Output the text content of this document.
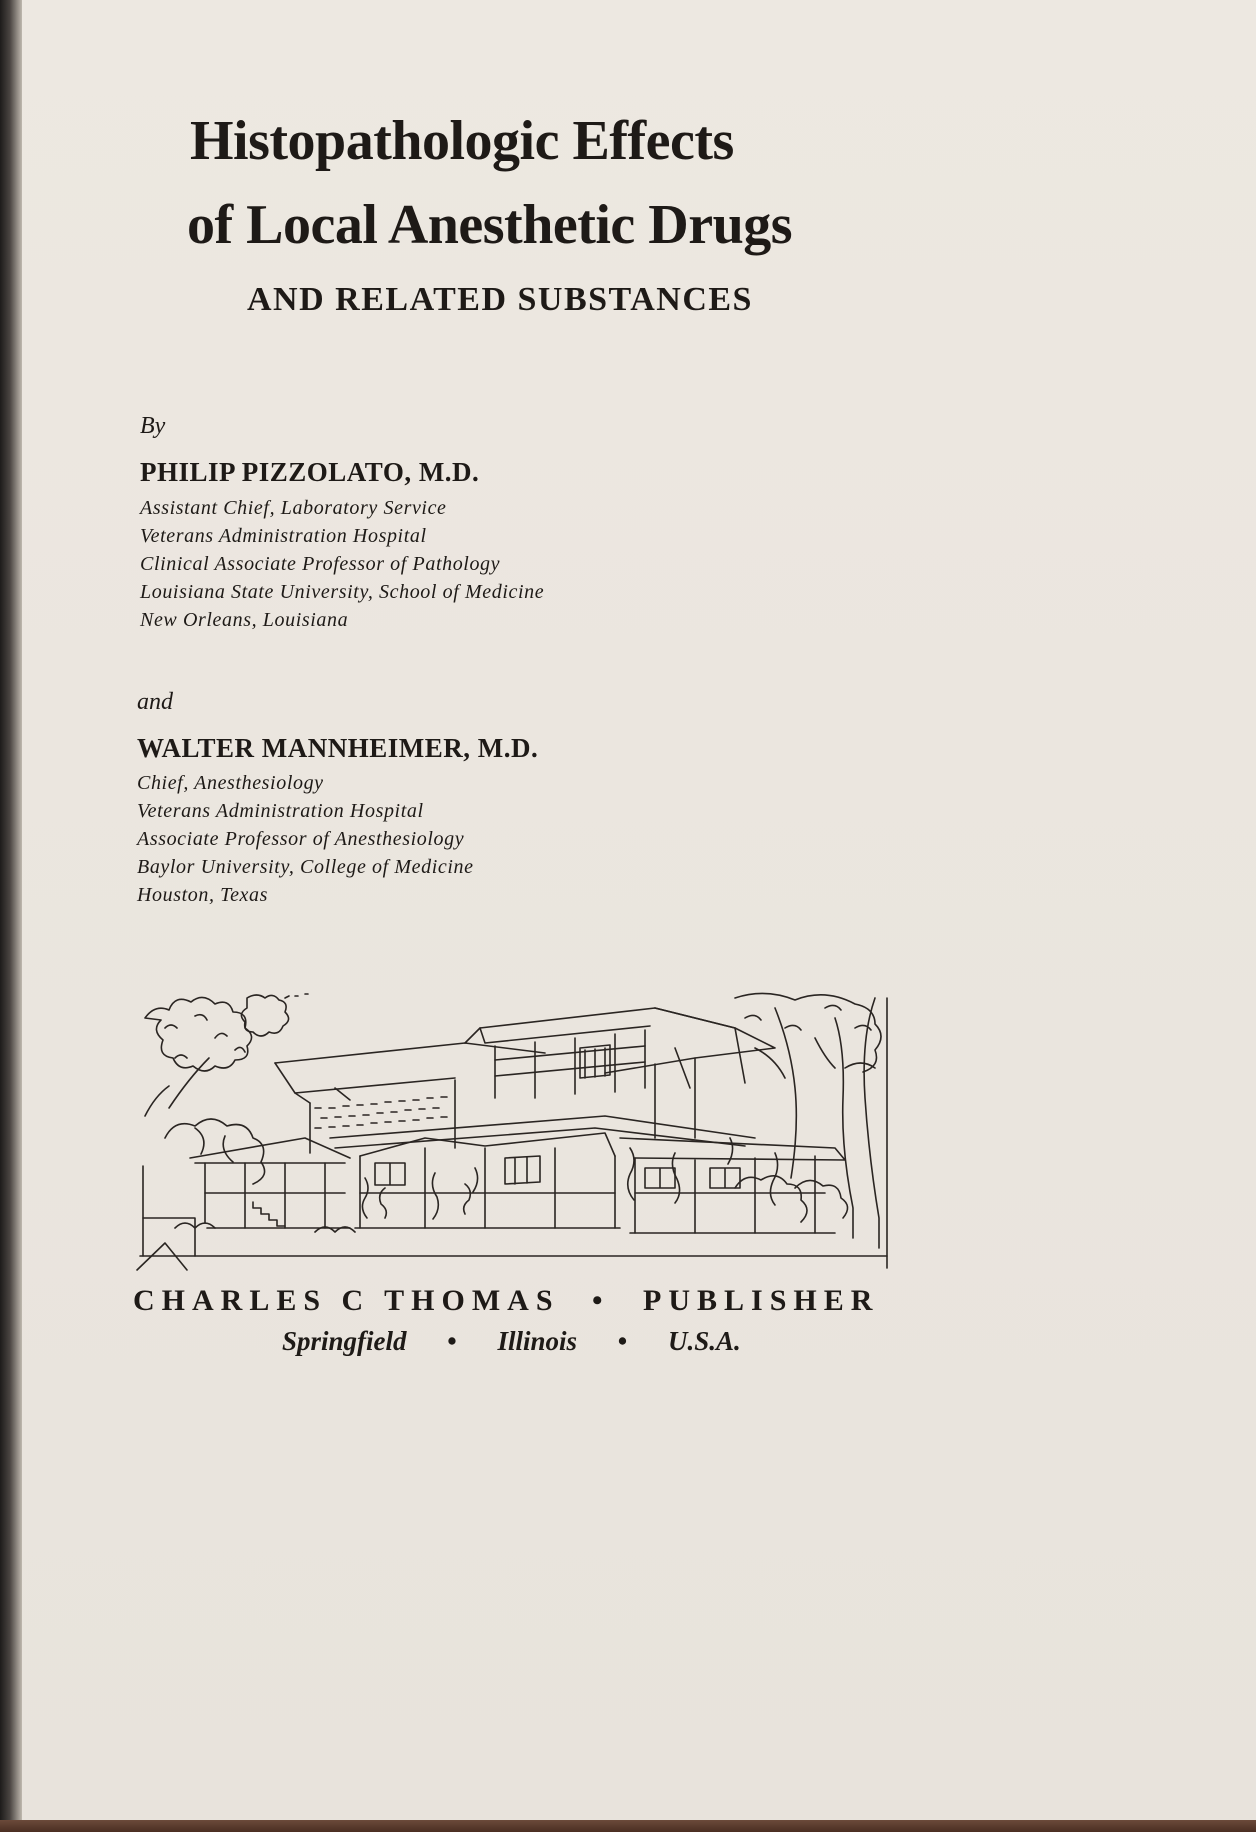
Histopathologic Effects
of Local Anesthetic Drugs
AND RELATED SUBSTANCES
By
PHILIP PIZZOLATO, M.D.
Assistant Chief, Laboratory Service
Veterans Administration Hospital
Clinical Associate Professor of Pathology
Louisiana State University, School of Medicine
New Orleans, Louisiana
and
WALTER MANNHEIMER, M.D.
Chief, Anesthesiology
Veterans Administration Hospital
Associate Professor of Anesthesiology
Baylor University, College of Medicine
Houston, Texas
CHARLES C THOMAS • PUBLISHER
Springfield • Illinois • U.S.A.
